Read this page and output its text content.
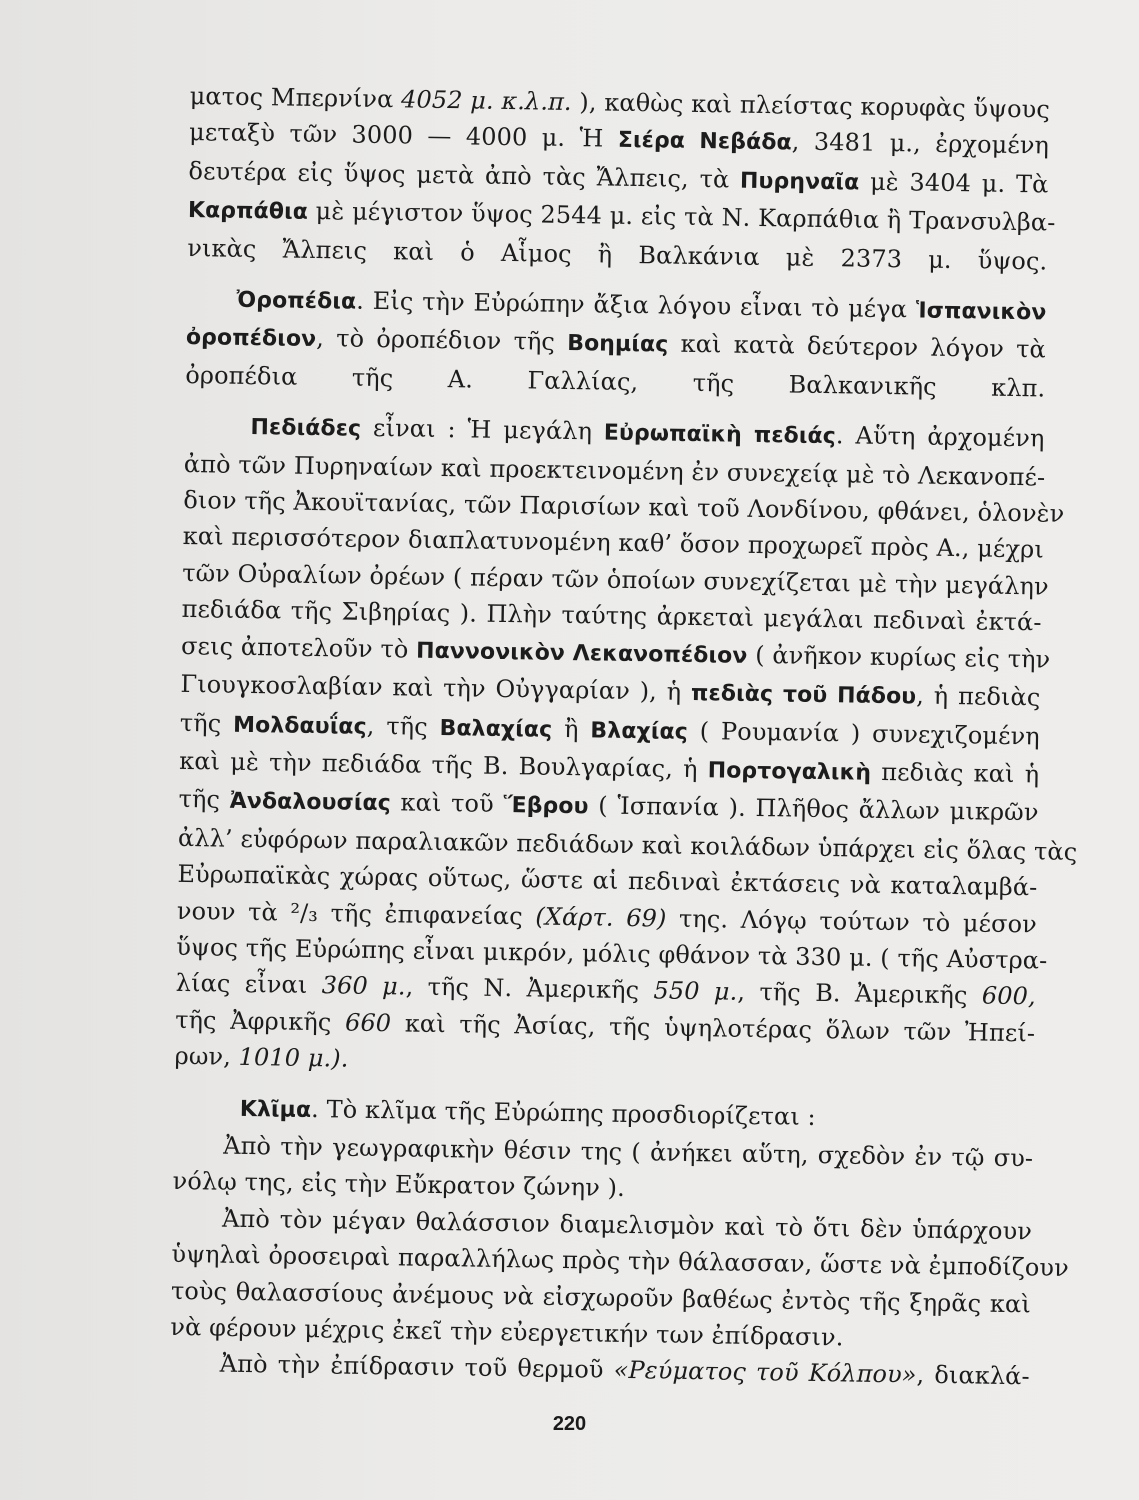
ματος Μπερνίνα 4052 μ. κ.λ.π. ), καθὼς καὶ πλείστας κορυφὰς ὕψους
μεταξὺ τῶν 3000 — 4000 μ. Ἡ Σιέρα Νεβάδα, 3481 μ., ἐρχομένη
δευτέρα εἰς ὕψος μετὰ ἀπὸ τὰς Ἄλπεις, τὰ Πυρηναῖα μὲ 3404 μ. Τὰ
Καρπάθια μὲ μέγιστον ὕψος 2544 μ. εἰς τὰ Ν. Καρπάθια ἢ Τρανσυλβα-
νικὰς Ἄλπεις καὶ ὁ Αἷμος ἢ Βαλκάνια μὲ 2373 μ. ὕψος.
Ὀροπέδια. Εἰς τὴν Εὐρώπην ἄξια λόγου εἶναι τὸ μέγα Ἱσπανικὸν
ὀροπέδιον, τὸ ὀροπέδιον τῆς Βοημίας καὶ κατὰ δεύτερον λόγον τὰ
ὀροπέδια τῆς Α. Γαλλίας, τῆς Βαλκανικῆς κλπ.
Πεδιάδες εἶναι : Ἡ μεγάλη Εὐρωπαϊκὴ πεδιάς. Αὕτη ἀρχομένη
ἀπὸ τῶν Πυρηναίων καὶ προεκτεινομένη ἐν συνεχείᾳ μὲ τὸ Λεκανοπέ-
διον τῆς Ἀκουϊτανίας, τῶν Παρισίων καὶ τοῦ Λονδίνου, φθάνει, ὁλονὲν
καὶ περισσότερον διαπλατυνομένη καθ’ ὅσον προχωρεῖ πρὸς Α., μέχρι
τῶν Οὐραλίων ὀρέων ( πέραν τῶν ὁποίων συνεχίζεται μὲ τὴν μεγάλην
πεδιάδα τῆς Σιβηρίας ). Πλὴν ταύτης ἀρκεταὶ μεγάλαι πεδιναὶ ἐκτά-
σεις ἀποτελοῦν τὸ Παννονικὸν Λεκανοπέδιον ( ἀνῆκον κυρίως εἰς τὴν
Γιουγκοσλαβίαν καὶ τὴν Οὐγγαρίαν ), ἡ πεδιὰς τοῦ Πάδου, ἡ πεδιὰς
τῆς Μολδαυΐας, τῆς Βαλαχίας ἢ Βλαχίας ( Ρουμανία ) συνεχιζομένη
καὶ μὲ τὴν πεδιάδα τῆς Β. Βουλγαρίας, ἡ Πορτογαλικὴ πεδιὰς καὶ ἡ
τῆς Ἀνδαλουσίας καὶ τοῦ Ἕβρου ( Ἱσπανία ). Πλῆθος ἄλλων μικρῶν
ἀλλ’ εὐφόρων παραλιακῶν πεδιάδων καὶ κοιλάδων ὑπάρχει εἰς ὅλας τὰς
Εὐρωπαϊκὰς χώρας οὕτως, ὥστε αἱ πεδιναὶ ἐκτάσεις νὰ καταλαμβά-
νουν τὰ ²/₃ τῆς ἐπιφανείας (Χάρτ. 69) της. Λόγῳ τούτων τὸ μέσον
ὕψος τῆς Εὐρώπης εἶναι μικρόν, μόλις φθάνον τὰ 330 μ. ( τῆς Αὐστρα-
λίας εἶναι 360 μ., τῆς Ν. Ἀμερικῆς 550 μ., τῆς Β. Ἀμερικῆς 600,
τῆς Ἀφρικῆς 660 καὶ τῆς Ἀσίας, τῆς ὑψηλοτέρας ὅλων τῶν Ἠπεί-
ρων, 1010 μ.).
Κλῖμα. Τὸ κλῖμα τῆς Εὐρώπης προσδιορίζεται :
Ἀπὸ τὴν γεωγραφικὴν θέσιν της ( ἀνήκει αὕτη, σχεδὸν ἐν τῷ συ-
νόλῳ της, εἰς τὴν Εὔκρατον ζώνην ).
Ἀπὸ τὸν μέγαν θαλάσσιον διαμελισμὸν καὶ τὸ ὅτι δὲν ὑπάρχουν
ὑψηλαὶ ὀροσειραὶ παραλλήλως πρὸς τὴν θάλασσαν, ὥστε νὰ ἐμποδίζουν
τοὺς θαλασσίους ἀνέμους νὰ εἰσχωροῦν βαθέως ἐντὸς τῆς ξηρᾶς καὶ
νὰ φέρουν μέχρις ἐκεῖ τὴν εὐεργετικήν των ἐπίδρασιν.
Ἀπὸ τὴν ἐπίδρασιν τοῦ θερμοῦ «Ρεύματος τοῦ Κόλπου», διακλά-
220
